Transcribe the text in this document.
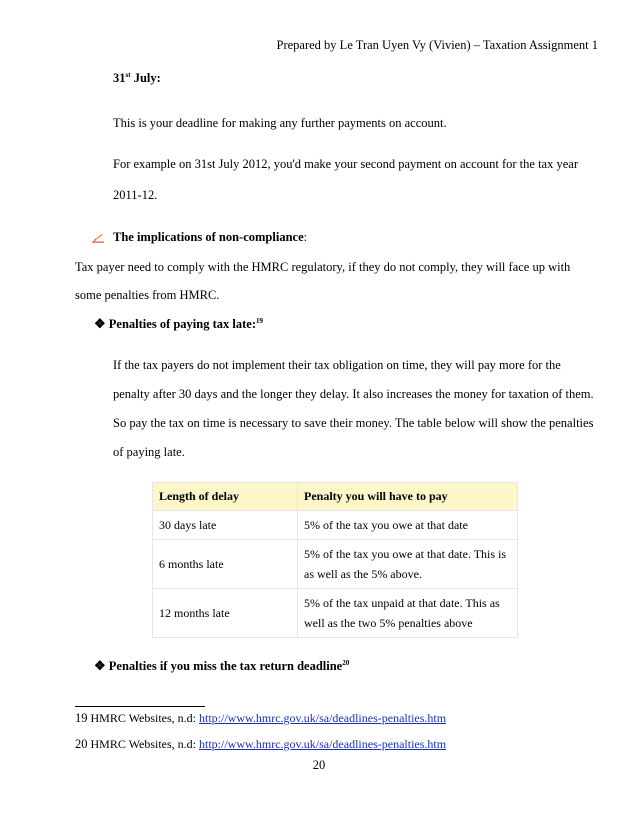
Prepared by Le Tran Uyen Vy (Vivien) – Taxation Assignment 1
31st July:
This is your deadline for making any further payments on account.
For example on 31st July 2012, you'd make your second payment on account for the tax year
2011-12.
The implications of non-compliance:
Tax payer need to comply with the HMRC regulatory, if they do not comply, they will face up with
some penalties from HMRC.
❖ Penalties of paying tax late:$^{19}$
If the tax payers do not implement their tax obligation on time, they will pay more for the
penalty after 30 days and the longer they delay. It also increases the money for taxation of them.
So pay the tax on time is necessary to save their money. The table below will show the penalties
of paying late.
Length of delay	Penalty you will have to pay
30 days late	5% of the tax you owe at that date
6 months late	5% of the tax you owe at that date. This is
as well as the 5% above.
12 months late	5% of the tax unpaid at that date. This as
well as the two 5% penalties above
❖ Penalties if you miss the tax return deadline$^{20}$
19 HMRC Websites, n.d: http://www.hmrc.gov.uk/sa/deadlines-penalties.htm
20 HMRC Websites, n.d: http://www.hmrc.gov.uk/sa/deadlines-penalties.htm
20
